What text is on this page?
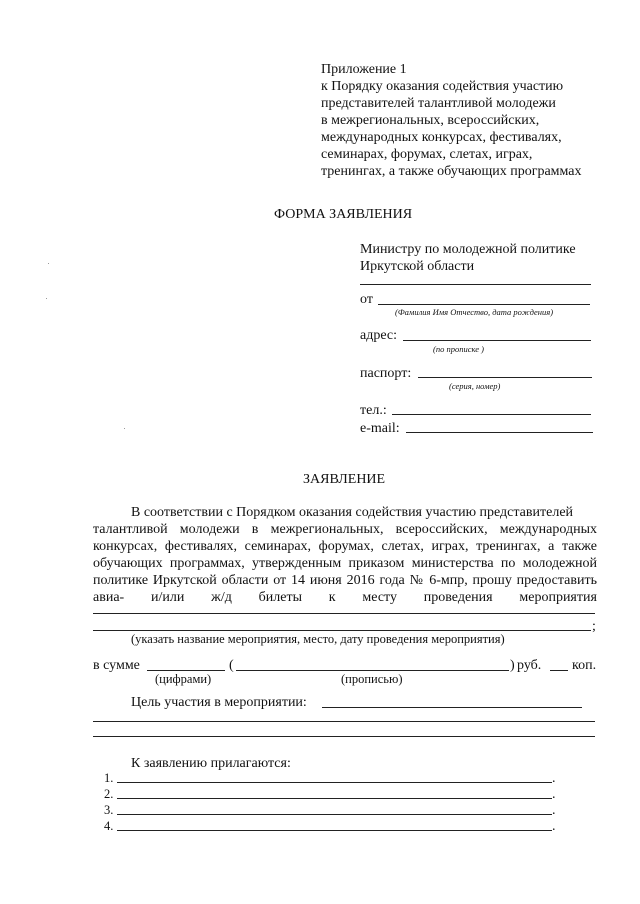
Приложение 1
к Порядку оказания содействия участию
представителей талантливой молодежи
в межрегиональных, всероссийских,
международных конкурсах, фестивалях,
семинарах, форумах, слетах, играх,
тренингах, а также обучающих программах
ФОРМА ЗАЯВЛЕНИЯ
Министру по молодежной политике
Иркутской области
от
(Фамилия Имя Отчество, дата рождения)
адрес:
(по прописке )
паспорт:
(серия, номер)
тел.:
e-mail:
ЗАЯВЛЕНИЕ
В соответствии с Порядком оказания содействия участию представителей
талантливой молодежи в межрегиональных, всероссийских, международных
конкурсах, фестивалях, семинарах, форумах, слетах, играх, тренингах, а также
обучающих программах, утвержденным приказом министерства по молодежной
политике Иркутской области от 14 июня 2016 года № 6-мпр, прошу предоставить
авиа- и/или ж/д билеты к месту проведения мероприятия
;
(указать название мероприятия, место, дату проведения мероприятия)
в сумме	(	) руб. коп.
(цифрами)	(прописью)
Цель участия в мероприятии:
К заявлению прилагаются:
1.	.
2.	.
3.	.
4.	.
